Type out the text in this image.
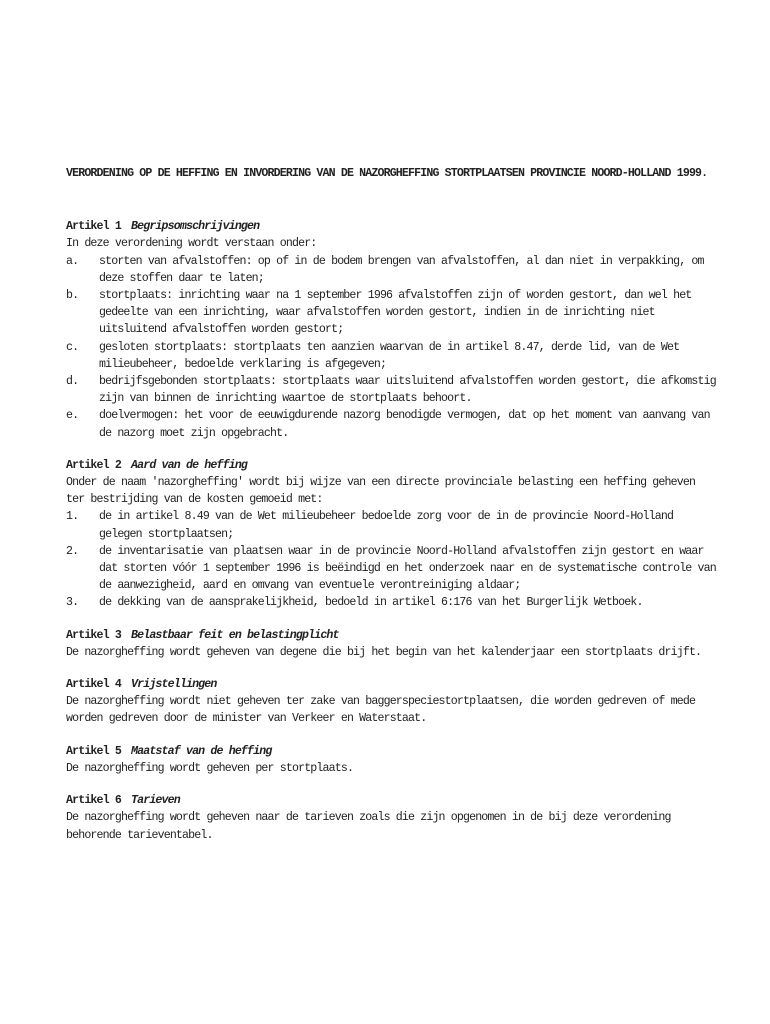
VERORDENING OP DE HEFFING EN INVORDERING VAN DE NAZORGHEFFING STORTPLAATSEN PROVINCIE NOORD-HOLLAND 1999.
Artikel 1 Begripsomschrijvingen
In deze verordening wordt verstaan onder:
a.	storten van afvalstoffen: op of in de bodem brengen van afvalstoffen, al dan niet in verpakking, om deze stoffen daar te laten;
b.	stortplaats: inrichting waar na 1 september 1996 afvalstoffen zijn of worden gestort, dan wel het gedeelte van een inrichting, waar afvalstoffen worden gestort, indien in de inrichting niet uitsluitend afvalstoffen worden gestort;
c.	gesloten stortplaats: stortplaats ten aanzien waarvan de in artikel 8.47, derde lid, van de Wet milieubeheer, bedoelde verklaring is afgegeven;
d.	bedrijfsgebonden stortplaats: stortplaats waar uitsluitend afvalstoffen worden gestort, die afkomstig zijn van binnen de inrichting waartoe de stortplaats behoort.
e.	doelvermogen: het voor de eeuwigdurende nazorg benodigde vermogen, dat op het moment van aanvang van de nazorg moet zijn opgebracht.
Artikel 2 Aard van de heffing
Onder de naam 'nazorgheffing' wordt bij wijze van een directe provinciale belasting een heffing geheven ter bestrijding van de kosten gemoeid met:
1.	de in artikel 8.49 van de Wet milieubeheer bedoelde zorg voor de in de provincie Noord-Holland gelegen stortplaatsen;
2.	de inventarisatie van plaatsen waar in de provincie Noord-Holland afvalstoffen zijn gestort en waar dat storten vóór 1 september 1996 is beëindigd en het onderzoek naar en de systematische controle van de aanwezigheid, aard en omvang van eventuele verontreiniging aldaar;
3.	de dekking van de aansprakelijkheid, bedoeld in artikel 6:176 van het Burgerlijk Wetboek.
Artikel 3 Belastbaar feit en belastingplicht
De nazorgheffing wordt geheven van degene die bij het begin van het kalenderjaar een stortplaats drijft.
Artikel 4 Vrijstellingen
De nazorgheffing wordt niet geheven ter zake van baggerspeciestortplaatsen, die worden gedreven of mede worden gedreven door de minister van Verkeer en Waterstaat.
Artikel 5 Maatstaf van de heffing
De nazorgheffing wordt geheven per stortplaats.
Artikel 6 Tarieven
De nazorgheffing wordt geheven naar de tarieven zoals die zijn opgenomen in de bij deze verordening behorende tarieventabel.
